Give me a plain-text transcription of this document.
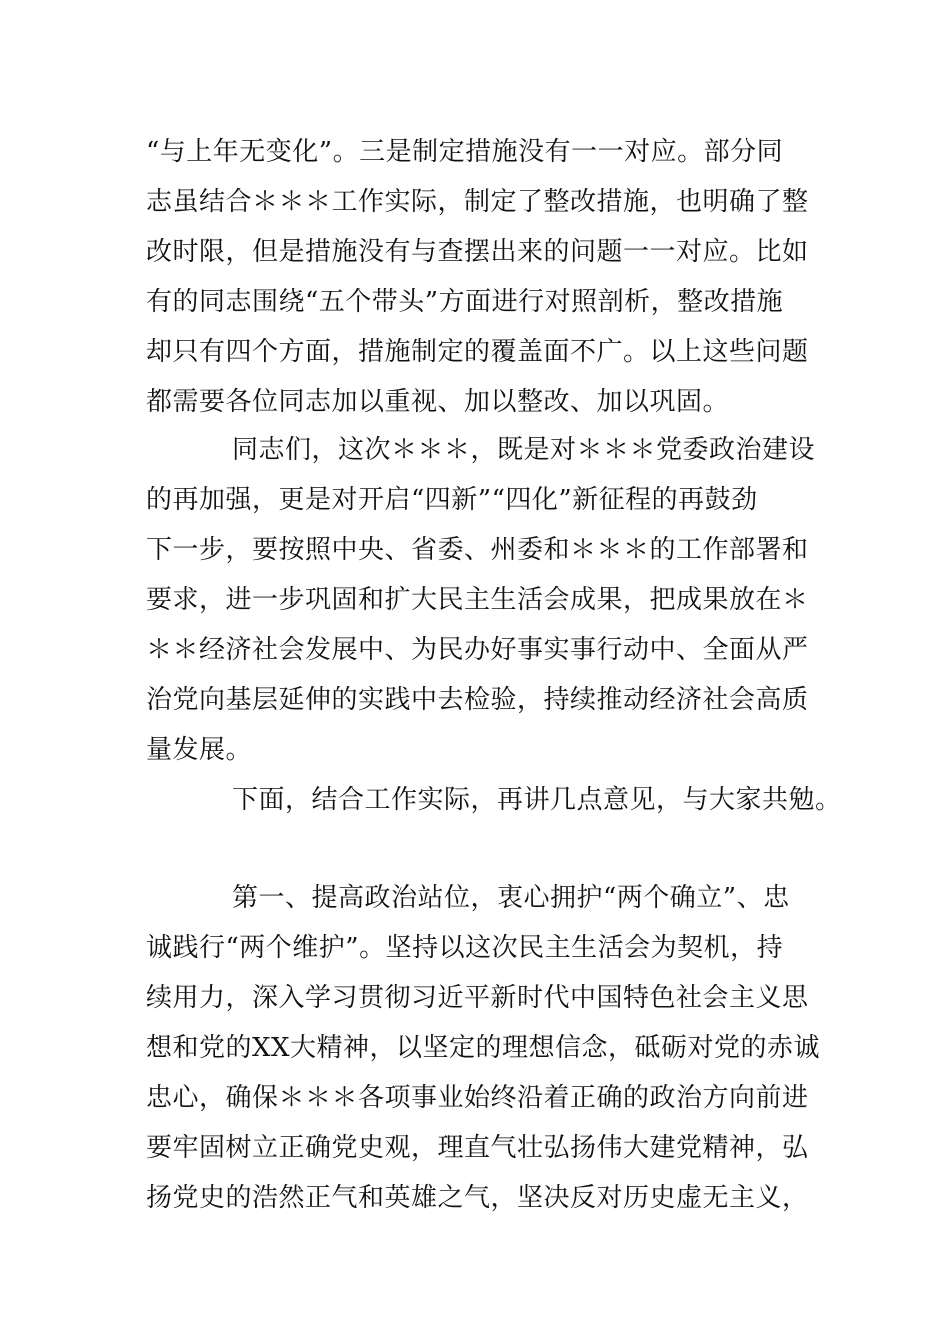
“与上年无变化”。三是制定措施没有一一对应。部分同
志虽结合＊＊＊工作实际，制定了整改措施，也明确了整
改时限，但是措施没有与查摆出来的问题一一对应。比如
有的同志围绕“五个带头”方面进行对照剖析，整改措施
却只有四个方面，措施制定的覆盖面不广。以上这些问题
都需要各位同志加以重视、加以整改、加以巩固。
同志们，这次＊＊＊，既是对＊＊＊党委政治建设
的再加强，更是对开启“四新”“四化”新征程的再鼓劲
下一步，要按照中央、省委、州委和＊＊＊的工作部署和
要求，进一步巩固和扩大民主生活会成果，把成果放在＊
＊＊经济社会发展中、为民办好事实事行动中、全面从严
治党向基层延伸的实践中去检验，持续推动经济社会高质
量发展。
下面，结合工作实际，再讲几点意见，与大家共勉。
第一、提高政治站位，衷心拥护“两个确立”、忠
诚践行“两个维护”。坚持以这次民主生活会为契机，持
续用力，深入学习贯彻习近平新时代中国特色社会主义思
想和党的XX大精神，以坚定的理想信念，砥砺对党的赤诚
忠心，确保＊＊＊各项事业始终沿着正确的政治方向前进
要牢固树立正确党史观，理直气壮弘扬伟大建党精神，弘
扬党史的浩然正气和英雄之气，坚决反对历史虚无主义，
